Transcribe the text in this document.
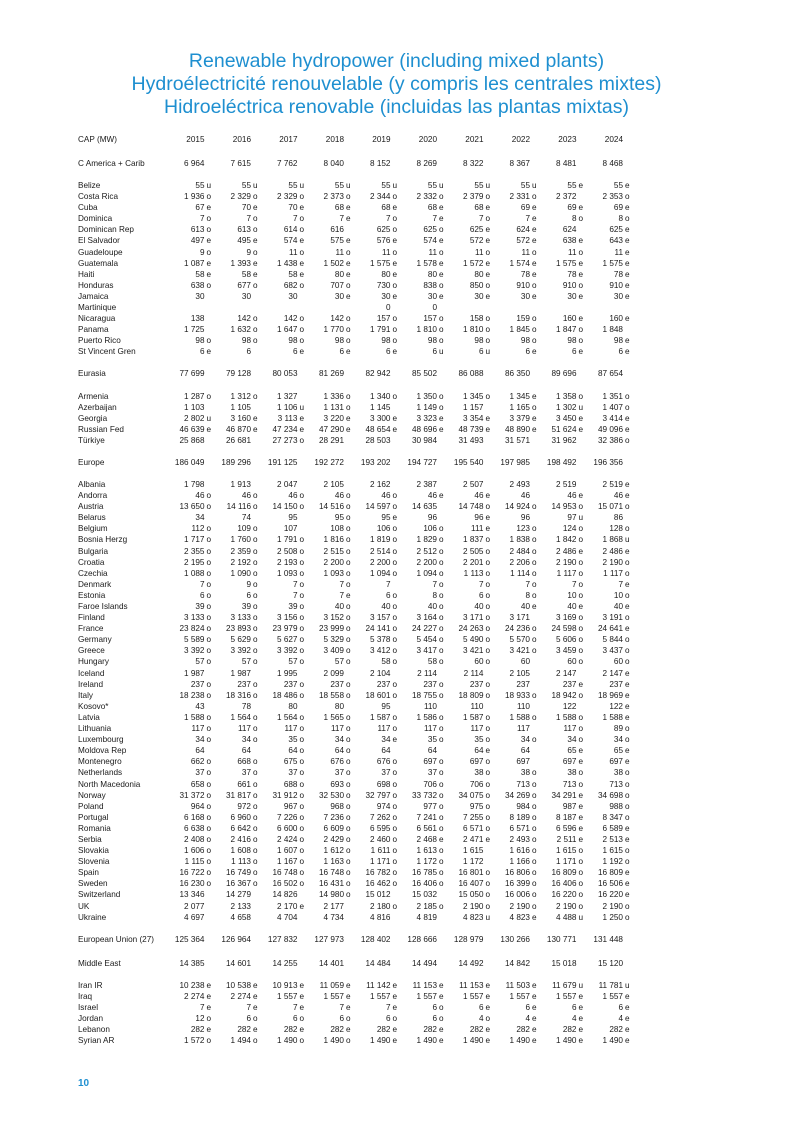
Renewable hydropower (including mixed plants)
Hydroélectricité renouvelable (y compris les centrales mixtes)
Hidroeléctrica renovable (incluidas las plantas mixtas)
CAP (MW)	2015	2016	2017	2018	2019	2020	2021	2022	2023	2024

C America + Carib	6 964	7 615	7 762	8 040	8 152	8 269	8 322	8 367	8 481	8 468

Belize	55 u	55 u	55 u	55 u	55 u	55 u	55 u	55 u	55 e	55 e
Costa Rica	1 936 o	2 329 o	2 329 o	2 373 o	2 344 o	2 332 o	2 379 o	2 331 o	2 372	2 353 o
Cuba	67 e	70 e	70 e	68 e	68 e	68 e	68 e	69 e	69 e	69 e
Dominica	7 o	7 o	7 o	7 e	7 o	7 e	7 o	7 e	8 o	8 o
Dominican Rep	613 o	613 o	614 o	616	625 o	625 o	625 e	624 e	624	625 e
El Salvador	497 e	495 e	574 e	575 e	576 e	574 e	572 e	572 e	638 e	643 e
Guadeloupe	9 o	9 o	11 o	11 o	11 o	11 o	11 o	11 o	11 o	11 e
Guatemala	1 087 e	1 393 e	1 438 e	1 502 e	1 575 e	1 578 e	1 572 e	1 574 e	1 575 e	1 575 e
Haiti	58 e	58 e	58 e	80 e	80 e	80 e	80 e	78 e	78 e	78 e
Honduras	638 o	677 o	682 o	707 o	730 o	838 o	850 o	910 o	910 o	910 e
Jamaica	30	30	30	30 e	30 e	30 e	30 e	30 e	30 e	30 e
Martinique					0	0				
Nicaragua	138	142 o	142 o	142 o	157 o	157 o	158 o	159 o	160 e	160 e
Panama	1 725	1 632 o	1 647 o	1 770 o	1 791 o	1 810 o	1 810 o	1 845 o	1 847 o	1 848
Puerto Rico	98 o	98 o	98 o	98 o	98 o	98 o	98 o	98 o	98 o	98 e
St Vincent Gren	6 e	6	6 e	6 e	6 e	6 u	6 u	6 e	6 e	6 e

Eurasia	77 699	79 128	80 053	81 269	82 942	85 502	86 088	86 350	89 696	87 654

Armenia	1 287 o	1 312 o	1 327	1 336 o	1 340 o	1 350 o	1 345 o	1 345 e	1 358 o	1 351 o
Azerbaijan	1 103	1 105	1 106 u	1 131 o	1 145	1 149 o	1 157	1 165 o	1 302 u	1 407 o
Georgia	2 802 u	3 160 e	3 113 e	3 220 e	3 300 e	3 323 e	3 354 e	3 379 e	3 450 e	3 414 e
Russian Fed	46 639 e	46 870 e	47 234 e	47 290 e	48 654 e	48 696 e	48 739 e	48 890 e	51 624 e	49 096 e
Türkiye	25 868	26 681	27 273 o	28 291	28 503	30 984	31 493	31 571	31 962	32 386 o

Europe	186 049	189 296	191 125	192 272	193 202	194 727	195 540	197 985	198 492	196 356

Albania	1 798	1 913	2 047	2 105	2 162	2 387	2 507	2 493	2 519	2 519 e
Andorra	46 o	46 o	46 o	46 o	46 o	46 e	46 e	46	46 e	46 e
Austria	13 650 o	14 116 o	14 150 o	14 516 o	14 597 o	14 635	14 748 o	14 924 o	14 953 o	15 071 o
Belarus	34	74	95	95 o	95 e	96	96 e	96	97 u	86
Belgium	112 o	109 o	107	108 o	106 o	106 o	111 e	123 o	124 o	128 o
Bosnia Herzg	1 717 o	1 760 o	1 791 o	1 816 o	1 819 o	1 829 o	1 837 o	1 838 o	1 842 o	1 868 u
Bulgaria	2 355 o	2 359 o	2 508 o	2 515 o	2 514 o	2 512 o	2 505 o	2 484 o	2 486 e	2 486 e
Croatia	2 195 o	2 192 o	2 193 o	2 200 o	2 200 o	2 200 o	2 201 o	2 206 o	2 190 o	2 190 o
Czechia	1 088 o	1 090 o	1 093 o	1 093 o	1 094 o	1 094 o	1 113 o	1 114 o	1 117 o	1 117 o
Denmark	7 o	9 o	7 o	7 o	7	7 o	7 o	7 o	7 o	7 e
Estonia	6 o	6 o	7 o	7 e	6 o	8 o	6 o	8 o	10 o	10 o
Faroe Islands	39 o	39 o	39 o	40 o	40 o	40 o	40 o	40 e	40 e	40 e
Finland	3 133 o	3 133 o	3 156 o	3 152 o	3 157 o	3 164 o	3 171 o	3 171	3 169 o	3 191 o
France	23 824 o	23 893 o	23 979 o	23 999 o	24 141 o	24 227 o	24 263 o	24 236 o	24 598 o	24 641 e
Germany	5 589 o	5 629 o	5 627 o	5 329 o	5 378 o	5 454 o	5 490 o	5 570 o	5 606 o	5 844 o
Greece	3 392 o	3 392 o	3 392 o	3 409 o	3 412 o	3 417 o	3 421 o	3 421 o	3 459 o	3 437 o
Hungary	57 o	57 o	57 o	57 o	58 o	58 o	60 o	60	60 o	60 o
Iceland	1 987	1 987	1 995	2 099	2 104	2 114	2 114	2 105	2 147	2 147 e
Ireland	237 o	237 o	237 o	237 o	237 o	237 o	237 o	237	237 e	237 e
Italy	18 238 o	18 316 o	18 486 o	18 558 o	18 601 o	18 755 o	18 809 o	18 933 o	18 942 o	18 969 e
Kosovo*	43	78	80	80	95	110	110	110	122	122 e
Latvia	1 588 o	1 564 o	1 564 o	1 565 o	1 587 o	1 586 o	1 587 o	1 588 o	1 588 o	1 588 e
Lithuania	117 o	117 o	117 o	117 o	117 o	117 o	117 o	117	117 o	89 o
Luxembourg	34 o	34 o	35 o	34 o	34 e	35 o	35 o	34 o	34 o	34 o
Moldova Rep	64	64	64 o	64 o	64	64	64 e	64	65 e	65 e
Montenegro	662 o	668 o	675 o	676 o	676 o	697 o	697 o	697	697 e	697 e
Netherlands	37 o	37 o	37 o	37 o	37 o	37 o	38 o	38 o	38 o	38 o
North Macedonia	658 o	661 o	688 o	693 o	698 o	706 o	706 o	713 o	713 o	713 o
Norway	31 372 o	31 817 o	31 912 o	32 530 o	32 797 o	33 732 o	34 075 o	34 269 o	34 291 e	34 698 o
Poland	964 o	972 o	967 o	968 o	974 o	977 o	975 o	984 o	987 e	988 o
Portugal	6 168 o	6 960 o	7 226 o	7 236 o	7 262 o	7 241 o	7 255 o	8 189 o	8 187 e	8 347 o
Romania	6 638 o	6 642 o	6 600 o	6 609 o	6 595 o	6 561 o	6 571 o	6 571 o	6 596 e	6 589 e
Serbia	2 408 o	2 416 o	2 424 o	2 429 o	2 460 o	2 468 e	2 471 e	2 493 o	2 511 e	2 513 e
Slovakia	1 606 o	1 608 o	1 607 o	1 612 o	1 611 o	1 613 o	1 615	1 616 o	1 615 o	1 615 o
Slovenia	1 115 o	1 113 o	1 167 o	1 163 o	1 171 o	1 172 o	1 172	1 166 o	1 171 o	1 192 o
Spain	16 722 o	16 749 o	16 748 o	16 748 o	16 782 o	16 785 o	16 801 o	16 806 o	16 809 o	16 809 e
Sweden	16 230 o	16 367 o	16 502 o	16 431 o	16 462 o	16 406 o	16 407 o	16 399 o	16 406 o	16 506 e
Switzerland	13 346	14 279	14 826	14 980 o	15 012	15 032	15 050 o	16 006 o	16 220 o	16 220 e
UK	2 077	2 133	2 170 e	2 177	2 180 o	2 185 o	2 190 o	2 190 o	2 190 o	2 190 o
Ukraine	4 697	4 658	4 704	4 734	4 816	4 819	4 823 u	4 823 e	4 488 u	1 250 o

European Union (27)	125 364	126 964	127 832	127 973	128 402	128 666	128 979	130 266	130 771	131 448

Middle East	14 385	14 601	14 255	14 401	14 484	14 494	14 492	14 842	15 018	15 120

Iran IR	10 238 e	10 538 e	10 913 e	11 059 e	11 142 e	11 153 e	11 153 e	11 503 e	11 679 u	11 781 u
Iraq	2 274 e	2 274 e	1 557 e	1 557 e	1 557 e	1 557 e	1 557 e	1 557 e	1 557 e	1 557 e
Israel	7 e	7 e	7 e	7 e	7 e	6 o	6 e	6 e	6 e	6 e
Jordan	12 o	6 o	6 o	6 o	6 o	6 o	4 o	4 e	4 e	4 e
Lebanon	282 e	282 e	282 e	282 e	282 e	282 e	282 e	282 e	282 e	282 e
Syrian AR	1 572 o	1 494 o	1 490 o	1 490 o	1 490 e	1 490 e	1 490 e	1 490 e	1 490 e	1 490 e
10
